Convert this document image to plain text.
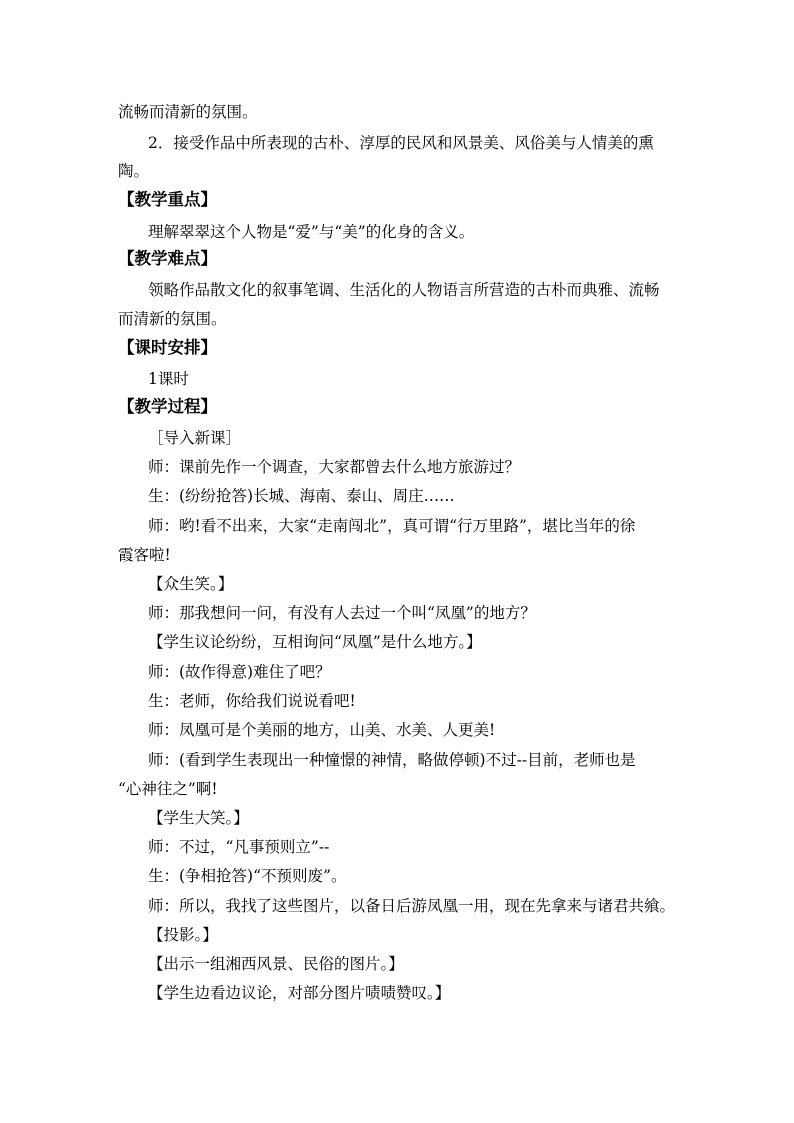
流畅而清新的氛围。

2．接受作品中所表现的古朴、淳厚的民风和风景美、风俗美与人情美的熏

陶。

【教学重点】

理解翠翠这个人物是“爱”与“美”的化身的含义。

【教学难点】

领略作品散文化的叙事笔调、生活化的人物语言所营造的古朴而典雅、流畅

而清新的氛围。

【课时安排】

1课时

【教学过程】

［导入新课］

师：课前先作一个调查，大家都曾去什么地方旅游过？

生：(纷纷抢答)长城、海南、泰山、周庄……

师：哟!看不出来，大家“走南闯北”，真可谓“行万里路”，堪比当年的徐

霞客啦!

【众生笑。】

师：那我想问一问，有没有人去过一个叫“凤凰”的地方？

【学生议论纷纷，互相询问“凤凰”是什么地方。】

师：(故作得意)难住了吧？

生：老师，你给我们说说看吧!

师：凤凰可是个美丽的地方，山美、水美、人更美!

师：(看到学生表现出一种憧憬的神情，略做停顿)不过--目前，老师也是

“心神往之”啊!

【学生大笑。】

师：不过，“凡事预则立”--

生：(争相抢答)“不预则废”。

师：所以，我找了这些图片，以备日后游凤凰一用，现在先拿来与诸君共飨。

【投影。】

【出示一组湘西风景、民俗的图片。】

【学生边看边议论，对部分图片啧啧赞叹。】
